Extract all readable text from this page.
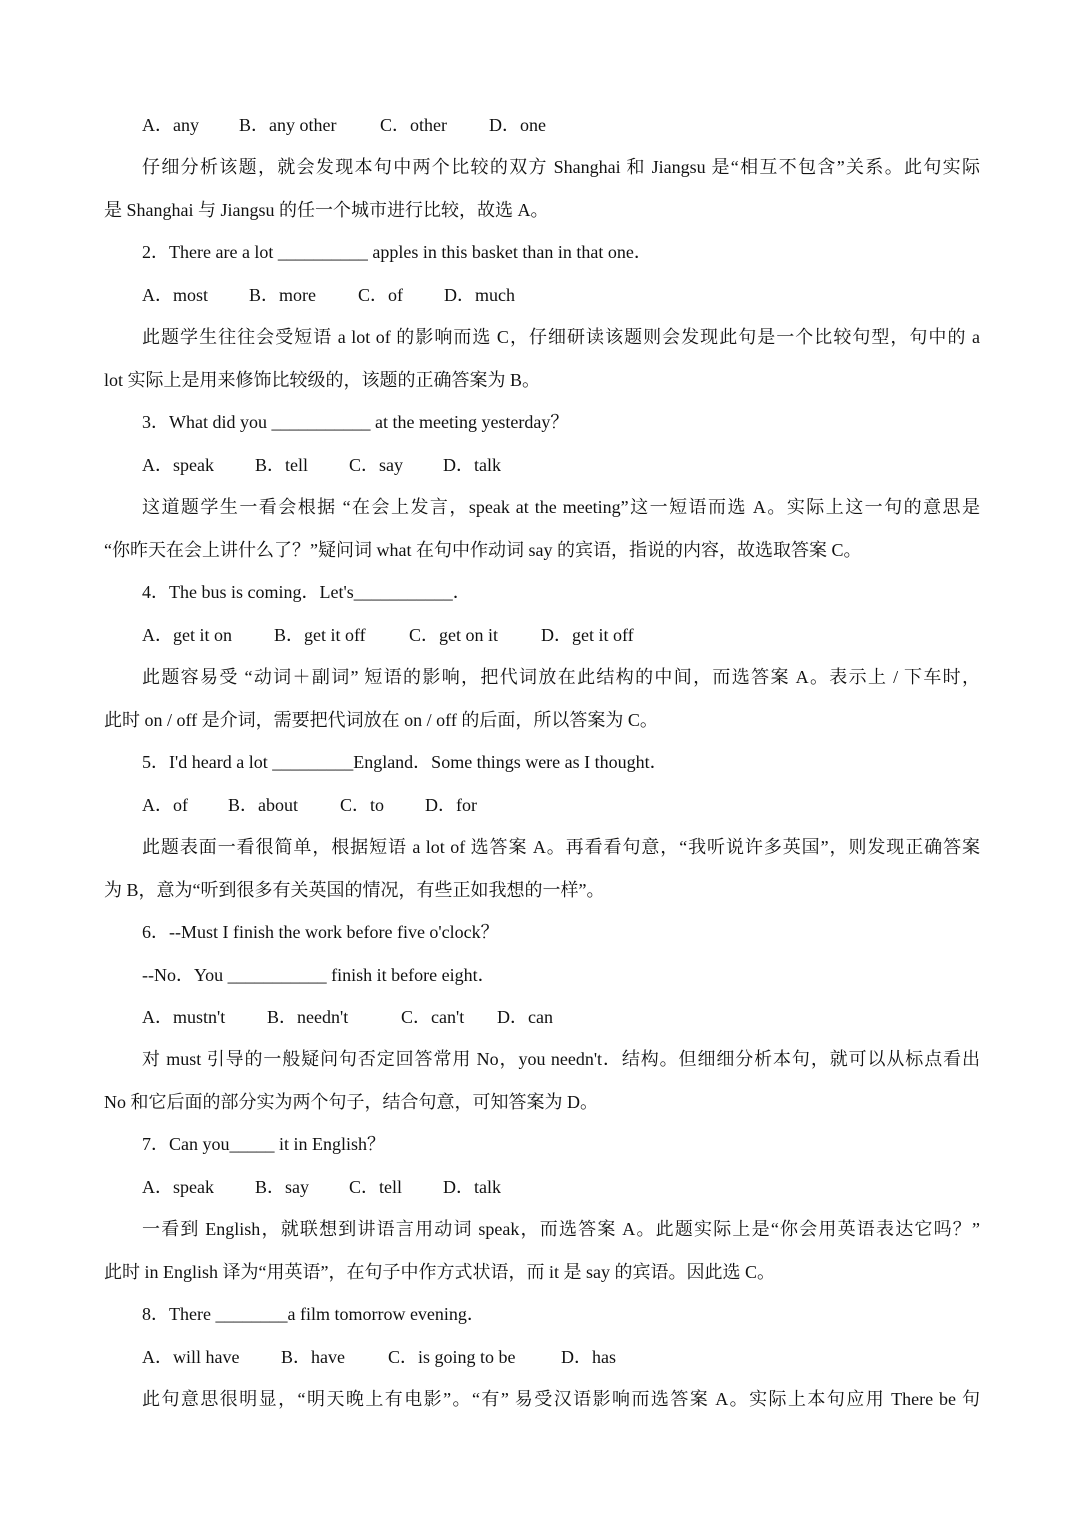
A．any B．any other C．other D．one
仔细分析该题，就会发现本句中两个比较的双方 Shanghai 和 Jiangsu 是“相互不包含”关系。此句实际
是 Shanghai 与 Jiangsu 的任一个城市进行比较，故选 A。
2．There are a lot __________ apples in this basket than in that one．
A．most B．more C．of D．much
此题学生往往会受短语 a lot of 的影响而选 C，仔细研读该题则会发现此句是一个比较句型，句中的 a
lot 实际上是用来修饰比较级的，该题的正确答案为 B。
3．What did you ___________ at the meeting yesterday？
A．speak B．tell C．say D．talk
这道题学生一看会根据 “在会上发言，speak at the meeting”这一短语而选 A。实际上这一句的意思是
“你昨天在会上讲什么了？”疑问词 what 在句中作动词 say 的宾语，指说的内容，故选取答案 C。
4．The bus is coming．Let's___________．
A．get it on B．get it off C．get on it D．get it off
此题容易受 “动词＋副词” 短语的影响，把代词放在此结构的中间，而选答案 A。表示上 / 下车时，
此时 on / off 是介词，需要把代词放在 on / off 的后面，所以答案为 C。
5．I'd heard a lot _________England．Some things were as I thought．
A．of B．about C．to D．for
此题表面一看很简单，根据短语 a lot of 选答案 A。再看看句意，“我听说许多英国”，则发现正确答案
为 B，意为“听到很多有关英国的情况，有些正如我想的一样”。
6．--Must I finish the work before five o'clock？
--No．You ___________ finish it before eight．
A．mustn't B．needn't	C．can't D．can
对 must 引导的一般疑问句否定回答常用 No，you needn't．结构。但细细分析本句，就可以从标点看出
No 和它后面的部分实为两个句子，结合句意，可知答案为 D。
7．Can you_____ it in English？
A．speak B．say C．tell D．talk
一看到 English，就联想到讲语言用动词 speak，而选答案 A。此题实际上是“你会用英语表达它吗？”
此时 in English 译为“用英语”，在句子中作方式状语，而 it 是 say 的宾语。因此选 C。
8．There ________a film tomorrow evening．
A．will have B．have C．is going to be	D．has
此句意思很明显，“明天晚上有电影”。“有” 易受汉语影响而选答案 A。实际上本句应用 There be 句
